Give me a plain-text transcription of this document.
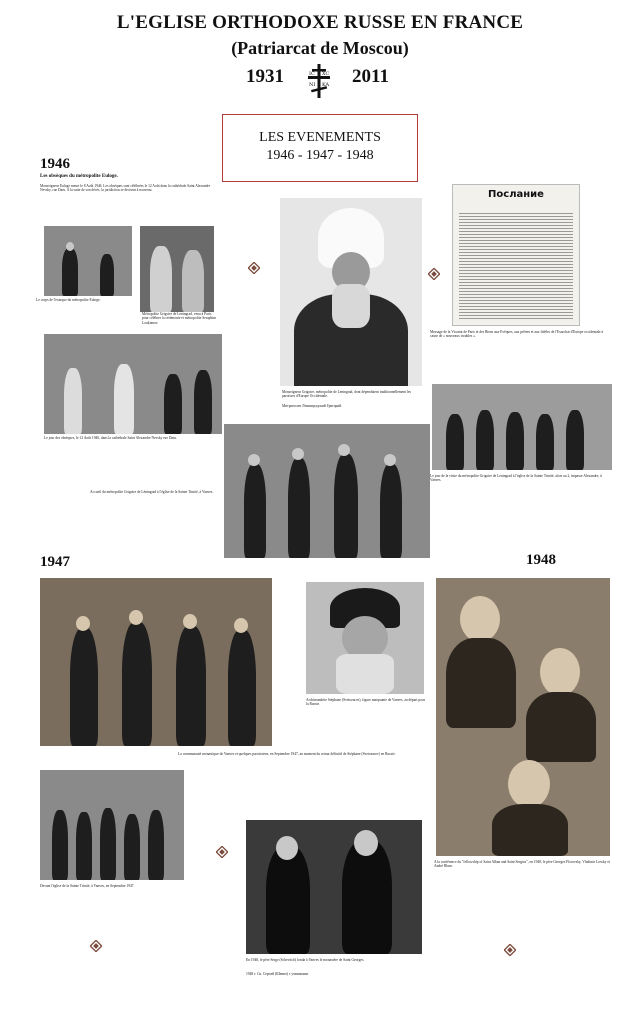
L'EGLISE ORTHODOXE RUSSE EN FRANCE
(Patriarcat de Moscou)
1931	IC XC
NI KA 2011
LES EVENEMENTS
1946 - 1947 - 1948
1946
Les obsèques du métropolite Euloge.
Monseigneur Euloge meurt le 8 Août 1946. Les obsèques sont célébrées le 12 Août dans la cathédrale Saint Alexandre Nevsky, rue Daru. A la suite de son décès, la juridiction se divisent à nouveau.
Le corps de l'exarque du métropolite Euloge.
Métropolite Grigoire de Leningrad, venu à Paris pour célébrer la cérémonie et métropolite Seraphim Loukianov.
Le jour des obsèques, le 12 Août 1946, dans la cathédrale Saint Alexandre Nevsky rue Daru.
Accueil du métropolite Grigoire de Léningrad à l'église de la Sainte Trinité, à Vanves.
Monseigneur Grigoire, métropolite de Leningrad, dont dépendaient traditionnellement les paroisses d'Europe Occidentale.
Митрополит Ленинградский Григорий.
Послание
Message de la Vicariat de Paris et des Biens aux Evêques, aux prêtres et aux fidèles de l'Exarchat d'Europe occidentale à cause de « nouveaux troubles ».
Le jour de la visite du métropolite Grigoire de Leningrad à l'église de la Sainte Trinité, alors au 2, impasse Alexandre, à Vanves.
1947
La communauté monastique de Vanves et quelques paroissiens, en Septembre 1947, au moment du retour définitif de Stéphane (Svetozarov) en Russie.
Archimandrite Stéphane (Svetozarov), figure marquante de Vanves, au départ pour la Russie.
Devant l'église de la Sainte Trinité, à Vanves, en Septembre 1947.
En 1948, le père Serge (Schevitch) fonda à Vanves le monastère de Saint Georges.
1948 г. Св. Сергий (Шевич) с учениками.
1948
A la conférence du "fellowship of Saint Alban and Saint Sergius", en 1948, le père Georges Florovsky, Vladimir Lossky et André Blum.
